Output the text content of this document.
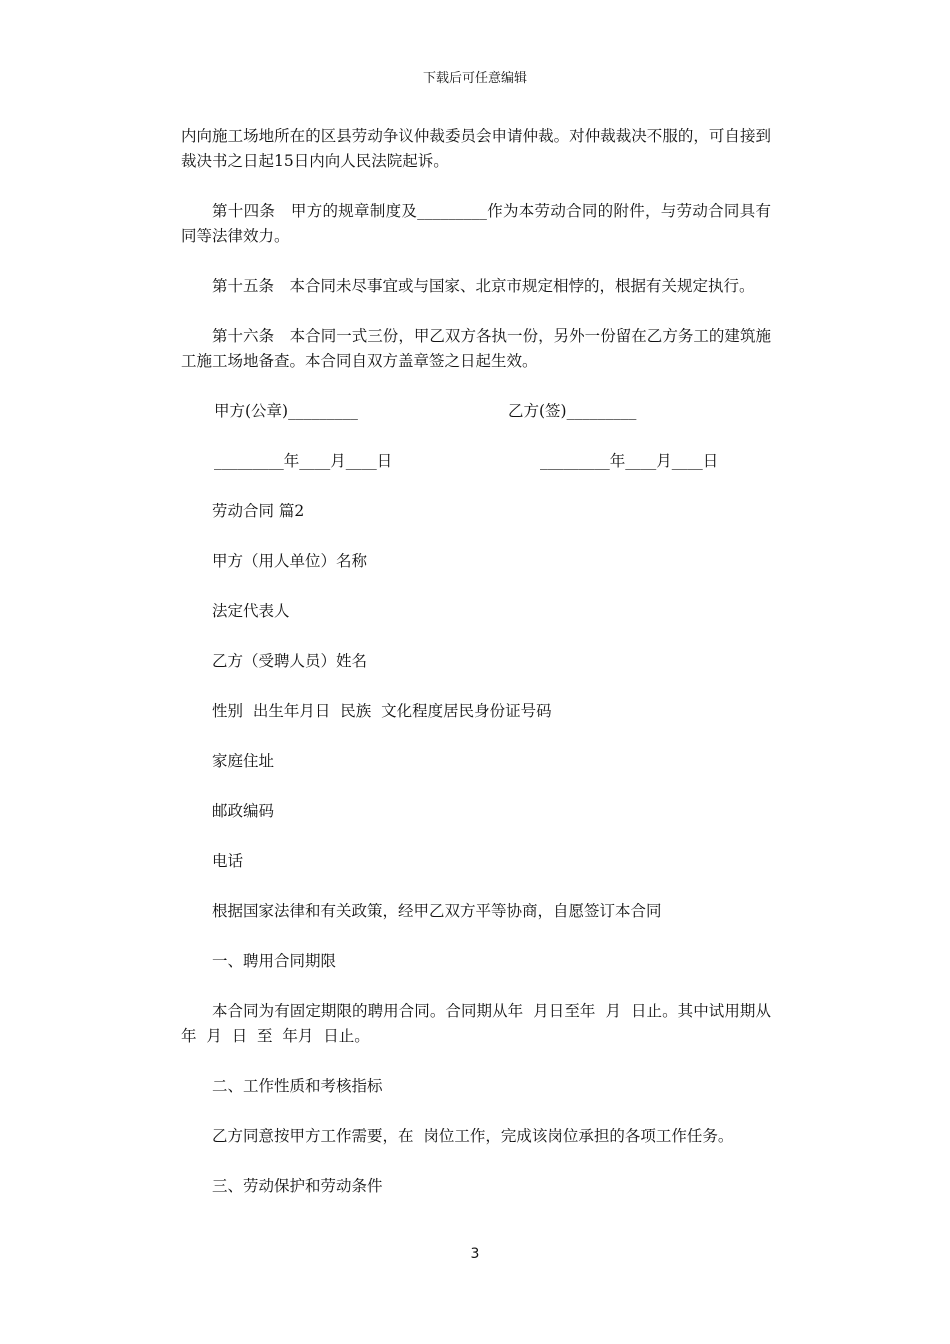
下载后可任意编辑

内向施工场地所在的区县劳动争议仲裁委员会申请仲裁。对仲裁裁决不服的，可自接到裁决书之日起15日内向人民法院起诉。

第十四条　甲方的规章制度及_________作为本劳动合同的附件，与劳动合同具有同等法律效力。

第十五条　本合同未尽事宜或与国家、北京市规定相悖的，根据有关规定执行。

第十六条　本合同一式三份，甲乙双方各执一份，另外一份留在乙方务工的建筑施工施工场地备查。本合同自双方盖章签之日起生效。

甲方(公章)_________

	乙方(签)_________

_________年____月____日

	_________年____月____日

劳动合同 篇2

甲方（用人单位）名称

法定代表人

乙方（受聘人员）姓名

性别  出生年月日  民族  文化程度居民身份证号码

家庭住址

邮政编码

电话

根据国家法律和有关政策，经甲乙双方平等协商，自愿签订本合同

一、聘用合同期限

本合同为有固定期限的聘用合同。合同期从年  月日至年  月  日止。其中试用期从  年  月  日  至  年月  日止。

二、工作性质和考核指标

乙方同意按甲方工作需要，在  岗位工作，完成该岗位承担的各项工作任务。

三、劳动保护和劳动条件

3
